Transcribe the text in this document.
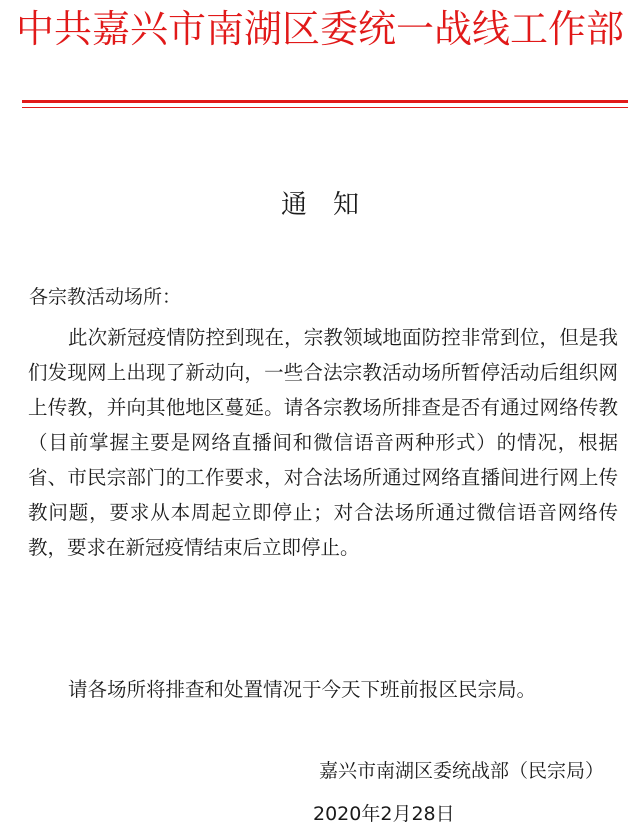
中共嘉兴市南湖区委统一战线工作部
通知

各宗教活动场所：

此次新冠疫情防控到现在，宗教领域地面防控非常到位，但是我们发现网上出现了新动向，一些合法宗教活动场所暂停活动后组织网上传教，并向其他地区蔓延。请各宗教场所排查是否有通过网络传教（目前掌握主要是网络直播间和微信语音两种形式）的情况，根据省、市民宗部门的工作要求，对合法场所通过网络直播间进行网上传教问题，要求从本周起立即停止；对合法场所通过微信语音网络传教，要求在新冠疫情结束后立即停止。

请各场所将排查和处置情况于今天下班前报区民宗局。

嘉兴市南湖区委统战部（民宗局）

2020年2月28日
